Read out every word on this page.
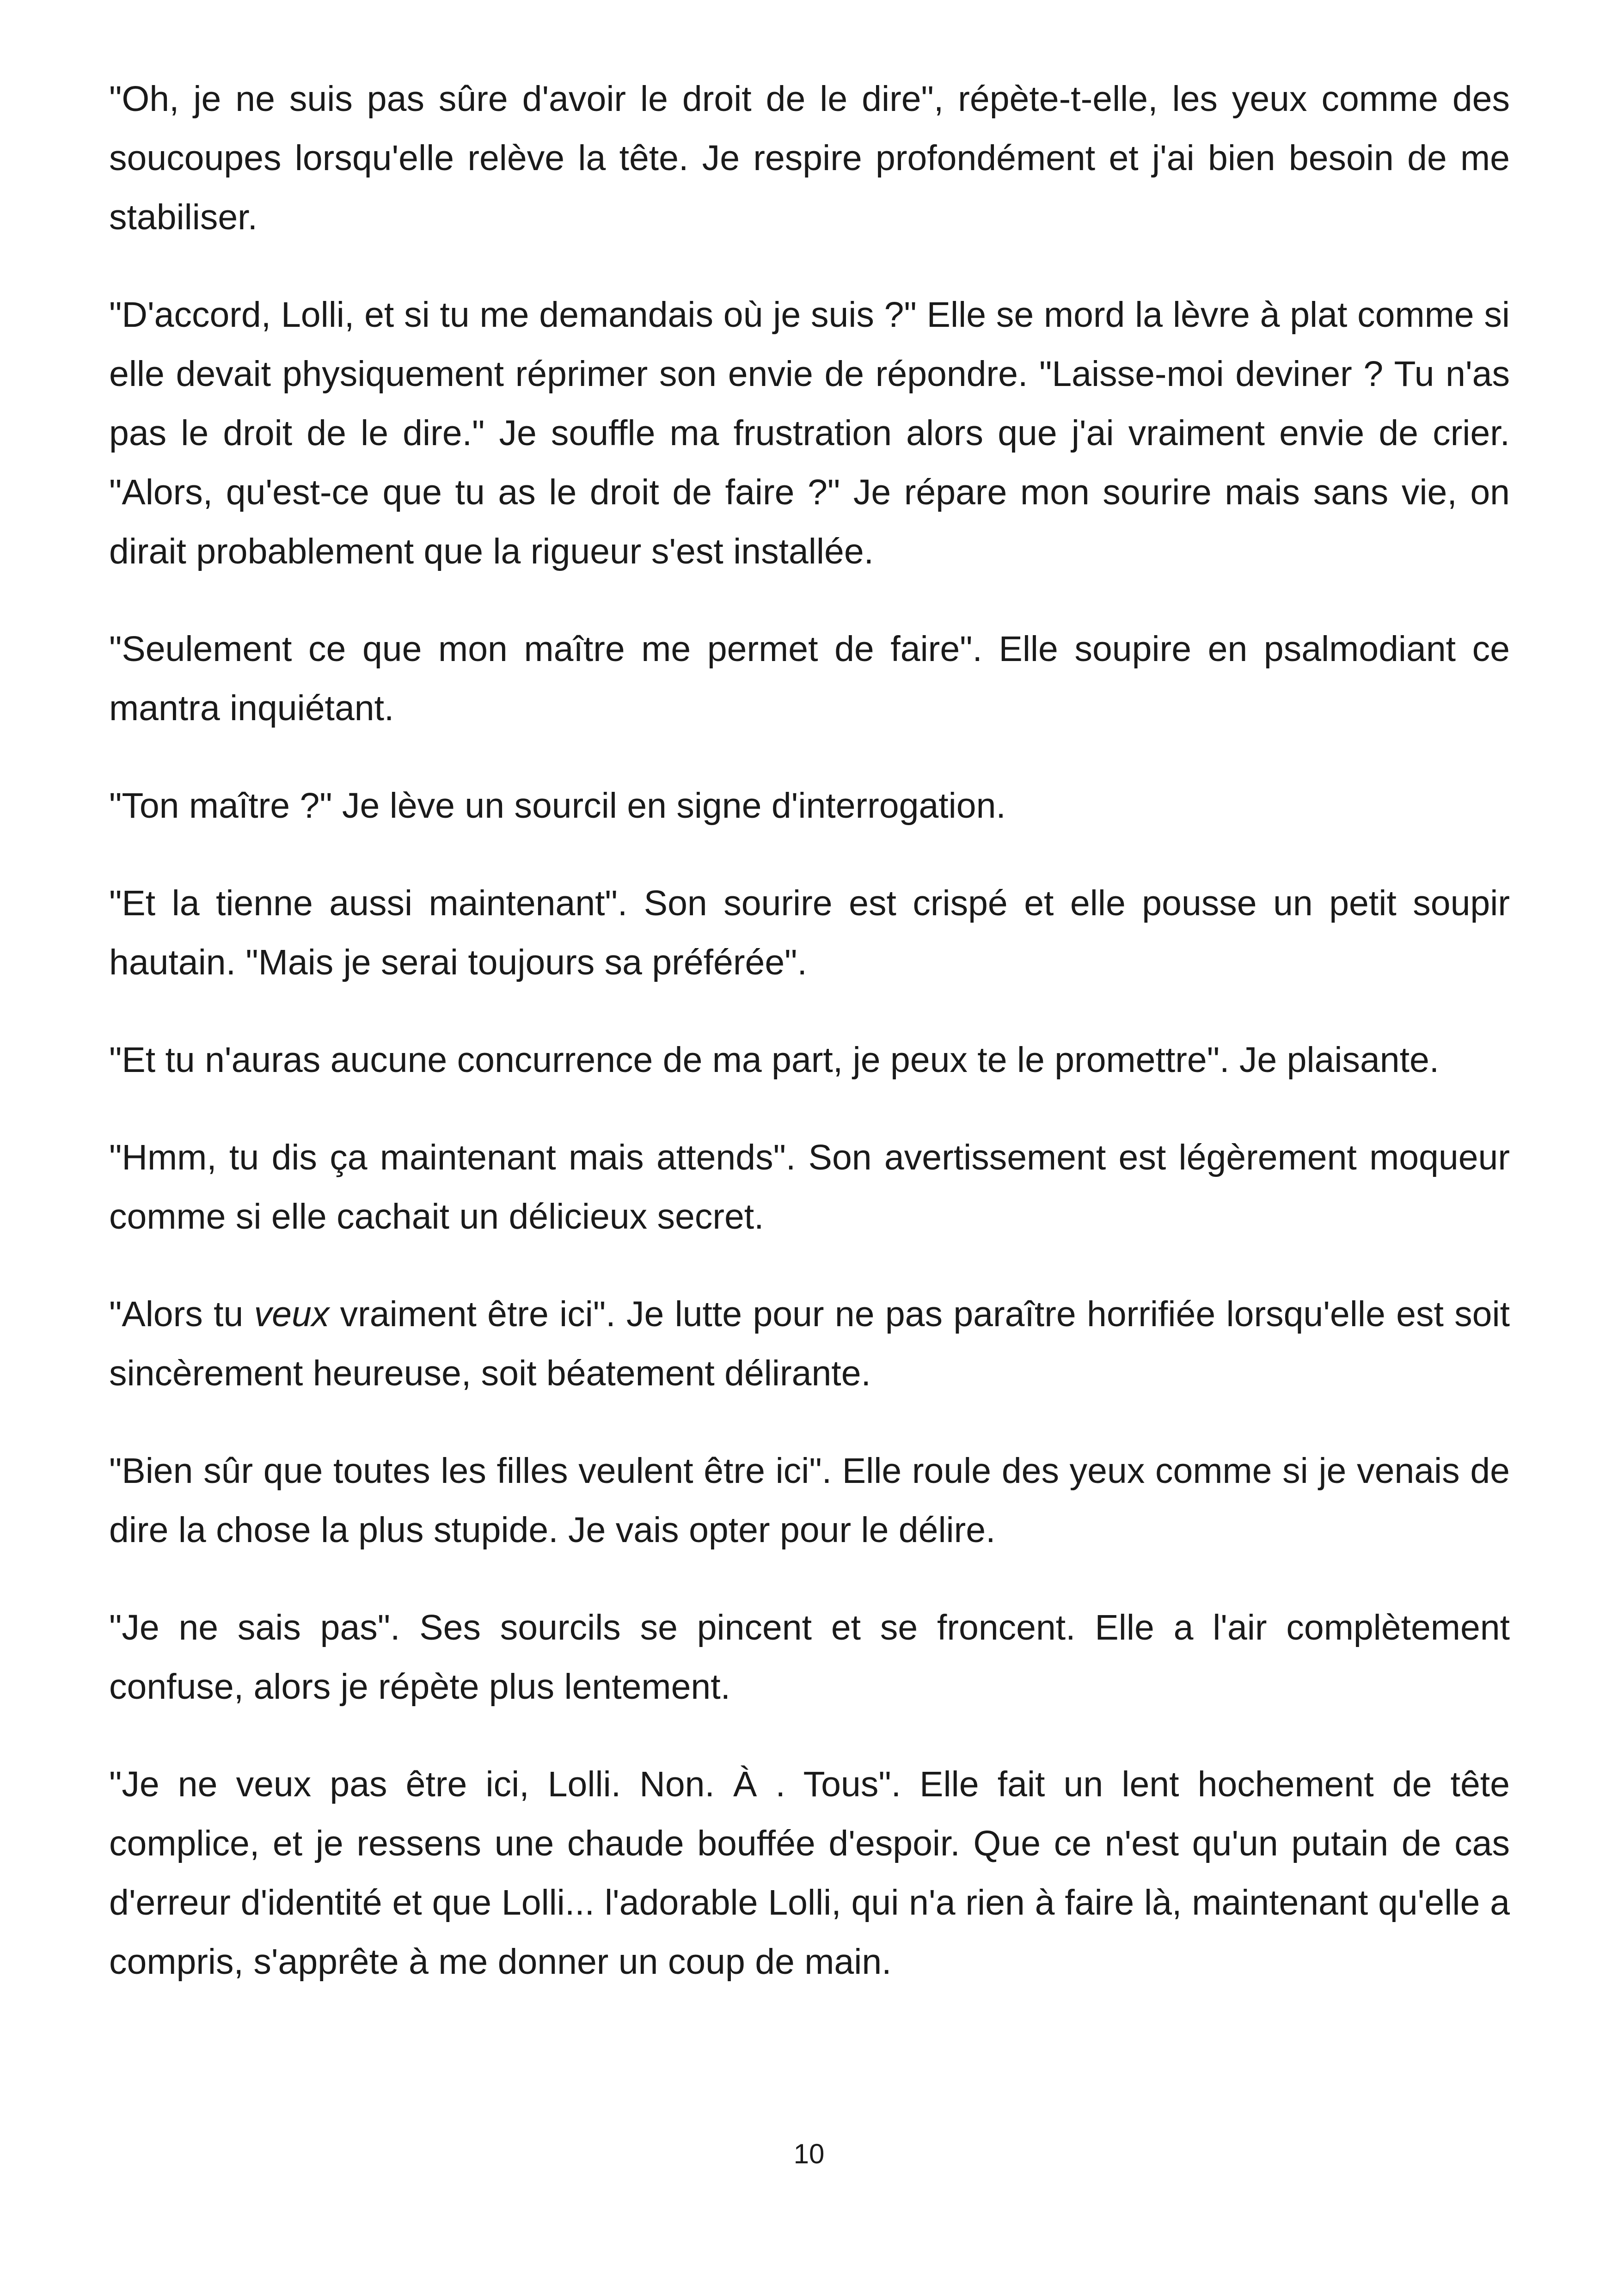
"Oh, je ne suis pas sûre d'avoir le droit de le dire", répète-t-elle, les yeux comme des soucoupes lorsqu'elle relève la tête. Je respire profondément et j'ai bien besoin de me stabiliser.

"D'accord, Lolli, et si tu me demandais où je suis ?" Elle se mord la lèvre à plat comme si elle devait physiquement réprimer son envie de répondre. "Laisse-moi deviner ? Tu n'as pas le droit de le dire." Je souffle ma frustration alors que j'ai vraiment envie de crier. "Alors, qu'est-ce que tu as le droit de faire ?" Je répare mon sourire mais sans vie, on dirait probablement que la rigueur s'est installée.

"Seulement ce que mon maître me permet de faire". Elle soupire en psalmodiant ce mantra inquiétant.

"Ton maître ?" Je lève un sourcil en signe d'interrogation.

"Et la tienne aussi maintenant". Son sourire est crispé et elle pousse un petit soupir hautain. "Mais je serai toujours sa préférée".

"Et tu n'auras aucune concurrence de ma part, je peux te le promettre". Je plaisante.

"Hmm, tu dis ça maintenant mais attends". Son avertissement est légèrement moqueur comme si elle cachait un délicieux secret.

"Alors tu veux vraiment être ici". Je lutte pour ne pas paraître horrifiée lorsqu'elle est soit sincèrement heureuse, soit béatement délirante.

"Bien sûr que toutes les filles veulent être ici". Elle roule des yeux comme si je venais de dire la chose la plus stupide. Je vais opter pour le délire.

"Je ne sais pas". Ses sourcils se pincent et se froncent. Elle a l'air complètement confuse, alors je répète plus lentement.

"Je ne veux pas être ici, Lolli. Non. À . Tous". Elle fait un lent hochement de tête complice, et je ressens une chaude bouffée d'espoir. Que ce n'est qu'un putain de cas d'erreur d'identité et que Lolli... l'adorable Lolli, qui n'a rien à faire là, maintenant qu'elle a compris, s'apprête à me donner un coup de main.

10
